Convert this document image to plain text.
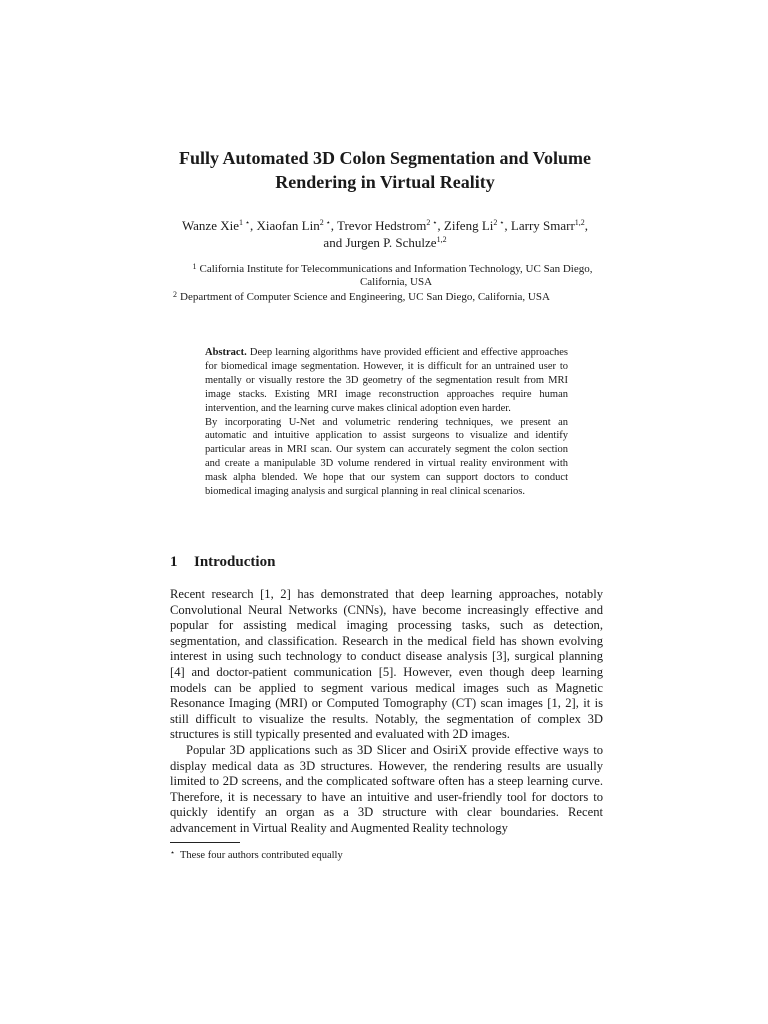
Fully Automated 3D Colon Segmentation and Volume Rendering in Virtual Reality
Wanze Xie$^{1 ⋆}$, Xiaofan Lin$^{2 ⋆}$, Trevor Hedstrom$^{2 ⋆}$, Zifeng $Li^{2 ⋆}$, Larry Smarr$^{1,2}$, and Jurgen P. Schulze$^{1,2}$
1 California Institute for Telecommunications and Information Technology, UC San Diego, California, USA
2 Department of Computer Science and Engineering, UC San Diego, California, USA

Abstract. Deep learning algorithms have provided efficient and effective approaches for biomedical image segmentation. However, it is difficult for an untrained user to mentally or visually restore the 3D geometry of the segmentation result from MRI image stacks. Existing MRI image reconstruction approaches require human intervention, and the learning curve makes clinical adoption even harder.

By incorporating U-Net and volumetric rendering techniques, we present an automatic and intuitive application to assist surgeons to visualize and identify particular areas in MRI scan. Our system can accurately segment the colon section and create a manipulable 3D volume rendered in virtual reality environment with mask alpha blended. We hope that our system can support doctors to conduct biomedical imaging analysis and surgical planning in real clinical scenarios.

1 Introduction

Recent research [1, 2] has demonstrated that deep learning approaches, notably Convolutional Neural Networks (CNNs), have become increasingly effective and popular for assisting medical imaging processing tasks, such as detection, segmentation, and classification. Research in the medical field has shown evolving interest in using such technology to conduct disease analysis [3], surgical planning [4] and doctor-patient communication [5]. However, even though deep learning models can be applied to segment various medical images such as Magnetic Resonance Imaging (MRI) or Computed Tomography (CT) scan images [1, 2], it is still difficult to visualize the results. Notably, the segmentation of complex 3D structures is still typically presented and evaluated with 2D images.

Popular 3D applications such as 3D Slicer and OsiriX provide effective ways to display medical data as 3D structures. However, the rendering results are usually limited to 2D screens, and the complicated software often has a steep learning curve. Therefore, it is necessary to have an intuitive and user-friendly tool for doctors to quickly identify an organ as a 3D structure with clear boundaries. Recent advancement in Virtual Reality and Augmented Reality technology

⋆ These four authors contributed equally
